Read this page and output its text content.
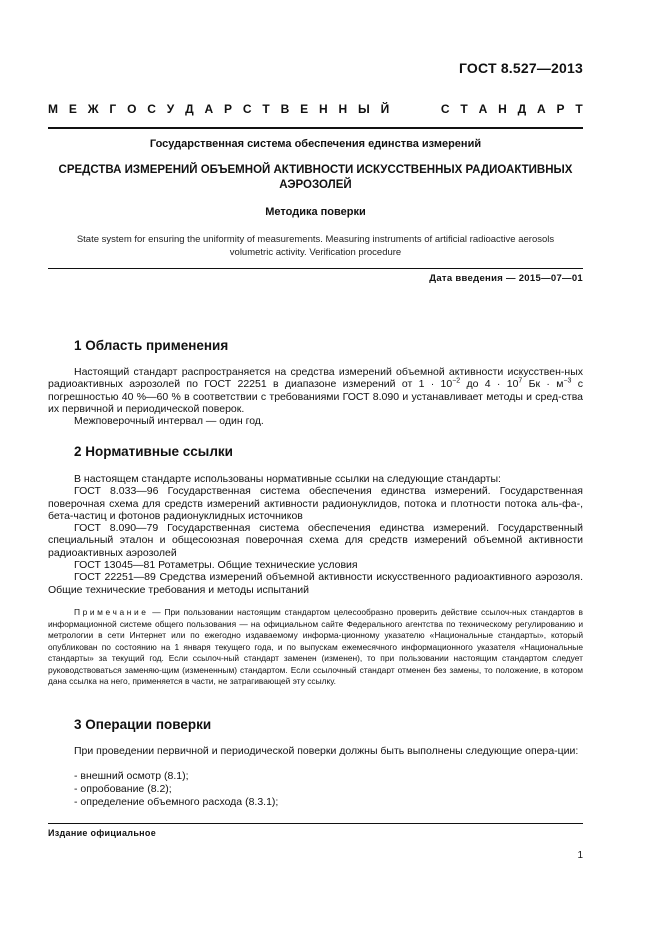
ГОСТ 8.527—2013
М Е Ж Г О С У Д А Р С Т В Е Н Н Ы Й	С Т А Н Д А Р Т
Государственная система обеспечения единства измерений
СРЕДСТВА ИЗМЕРЕНИЙ ОБЪЕМНОЙ АКТИВНОСТИ ИСКУССТВЕННЫХ РАДИОАКТИВНЫХ
АЭРОЗОЛЕЙ
Методика поверки
State system for ensuring the uniformity of measurements. Measuring instruments of artificial radioactive aerosols
volumetric activity. Verification procedure
Дата введения — 2015—07—01
1 Область применения

Настоящий стандарт распространяется на средства измерений объемной активности искусствен-ных радиоактивных аэрозолей по ГОСТ 22251 в диапазоне измерений от $1 \cdot 10^{-2}$ до $4 \cdot 10^7$ Бк · $м^{-3}$ с погрешностью 40 %—60 % в соответствии с требованиями ГОСТ 8.090 и устанавливает методы и сред-ства их первичной и периодической поверок.

Межповерочный интервал — один год.

2 Нормативные ссылки

В настоящем стандарте использованы нормативные ссылки на следующие стандарты:

ГОСТ 8.033—96 Государственная система обеспечения единства измерений. Государственная поверочная схема для средств измерений активности радионуклидов, потока и плотности потока аль-фа-, бета-частиц и фотонов радионуклидных источников

ГОСТ 8.090—79 Государственная система обеспечения единства измерений. Государственный специальный эталон и общесоюзная поверочная схема для средств измерений объемной активности радиоактивных аэрозолей

ГОСТ 13045—81 Ротаметры. Общие технические условия

ГОСТ 22251—89 Средства измерений объемной активности искусственного радиоактивного аэрозоля. Общие технические требования и методы испытаний

Примечание — При пользовании настоящим стандартом целесообразно проверить действие ссылоч-ных стандартов в информационной системе общего пользования — на официальном сайте Федерального агентства по техническому регулированию и метрологии в сети Интернет или по ежегодно издаваемому информа-ционному указателю «Национальные стандарты», который опубликован по состоянию на 1 января текущего года, и по выпускам ежемесячного информационного указателя «Национальные стандарты» за текущий год. Если ссылоч-ный стандарт заменен (изменен), то при пользовании настоящим стандартом следует руководствоваться заменяю-щим (измененным) стандартом. Если ссылочный стандарт отменен без замены, то положение, в котором дана ссылка на него, применяется в части, не затрагивающей эту ссылку.
3 Операции поверки

При проведении первичной и периодической поверки должны быть выполнены следующие опера-ции:

- внешний осмотр (8.1);
- опробование (8.2);
- определение объемного расхода (8.3.1);
Издание официальное
1
